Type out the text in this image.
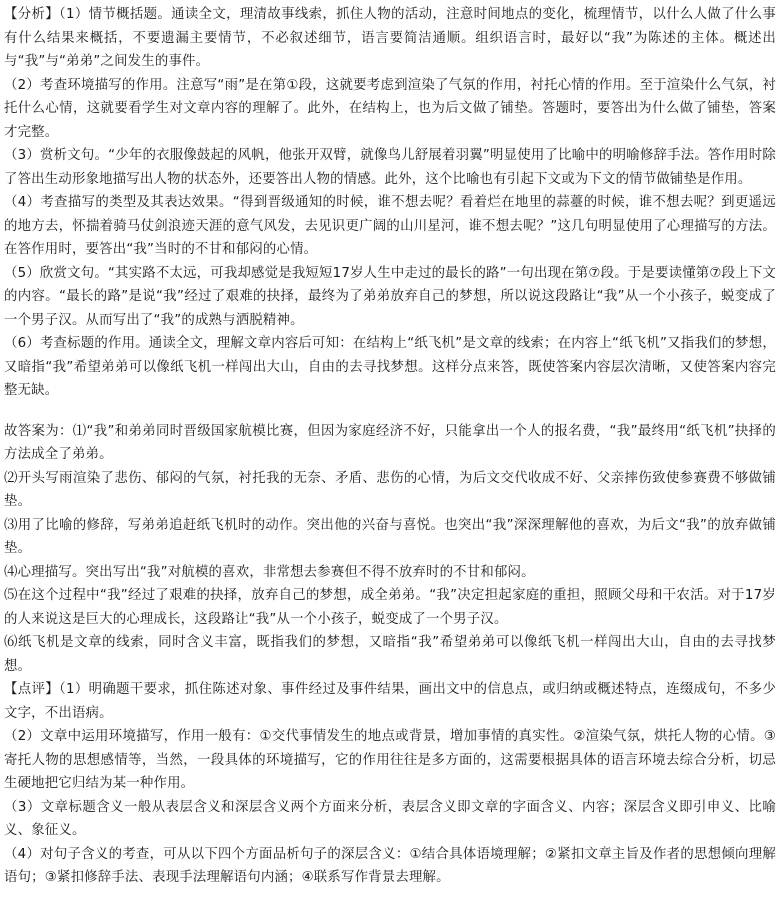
【分析】（1）情节概括题。通读全文，理清故事线索，抓住人物的活动，注意时间地点的变化，梳理情节，以什么人做了什么事有什么结果来概括，不要遗漏主要情节，不必叙述细节，语言要简洁通顺。组织语言时，最好以“我”为陈述的主体。概述出与“我”与“弟弟”之间发生的事件。

（2）考查环境描写的作用。注意写“雨”是在第①段，这就要考虑到渲染了气氛的作用，衬托心情的作用。至于渲染什么气氛，衬托什么心情，这就要看学生对文章内容的理解了。此外，在结构上，也为后文做了铺垫。答题时，要答出为什么做了铺垫，答案才完整。

（3）赏析文句。“少年的衣服像鼓起的风帆，他张开双臂，就像鸟儿舒展着羽翼”明显使用了比喻中的明喻修辞手法。答作用时除了答出生动形象地描写出人物的状态外，还要答出人物的情感。此外，这个比喻也有引起下文或为下文的情节做铺垫是作用。

（4）考查描写的类型及其表达效果。“得到晋级通知的时候，谁不想去呢？看着烂在地里的蒜薹的时候，谁不想去呢？到更遥远的地方去，怀揣着骑马仗剑浪迹天涯的意气风发，去见识更广阔的山川星河，谁不想去呢？”这几句明显使用了心理描写的方法。在答作用时，要答出“我”当时的不甘和郁闷的心情。

（5）欣赏文句。“其实路不太远，可我却感觉是我短短17岁人生中走过的最长的路”一句出现在第⑦段。于是要读懂第⑦段上下文的内容。“最长的路”是说“我”经过了艰难的抉择，最终为了弟弟放弃自己的梦想，所以说这段路让“我”从一个小孩子，蜕变成了一个男子汉。从而写出了“我”的成熟与洒脱精神。

（6）考查标题的作用。通读全文，理解文章内容后可知：在结构上“纸飞机”是文章的线索；在内容上“纸飞机”又指我们的梦想，又暗指“我”希望弟弟可以像纸飞机一样闯出大山，自由的去寻找梦想。这样分点来答，既使答案内容层次清晰，又使答案内容完整无缺。

故答案为：⑴“我”和弟弟同时晋级国家航模比赛，但因为家庭经济不好，只能拿出一个人的报名费，“我”最终用“纸飞机”抉择的方法成全了弟弟。

⑵开头写雨渲染了悲伤、郁闷的气氛，衬托我的无奈、矛盾、悲伤的心情，为后文交代收成不好、父亲摔伤致使参赛费不够做铺垫。

⑶用了比喻的修辞，写弟弟追赶纸飞机时的动作。突出他的兴奋与喜悦。也突出“我”深深理解他的喜欢，为后文“我”的放弃做铺垫。

⑷心理描写。突出写出“我”对航模的喜欢，非常想去参赛但不得不放弃时的不甘和郁闷。

⑸在这个过程中“我”经过了艰难的抉择，放弃自己的梦想，成全弟弟。“我”决定担起家庭的重担，照顾父母和干农活。对于17岁的人来说这是巨大的心理成长，这段路让“我”从一个小孩子，蜕变成了一个男子汉。

⑹纸飞机是文章的线索，同时含义丰富，既指我们的梦想，又暗指“我”希望弟弟可以像纸飞机一样闯出大山，自由的去寻找梦想。

【点评】（1）明确题干要求，抓住陈述对象、事件经过及事件结果，画出文中的信息点，或归纳或概述特点，连缀成句，不多少文字，不出语病。

（2）文章中运用环境描写，作用一般有：①交代事情发生的地点或背景，增加事情的真实性。②渲染气氛，烘托人物的心情。③寄托人物的思想感情等，当然，一段具体的环境描写，它的作用往往是多方面的，这需要根据具体的语言环境去综合分析，切忌生硬地把它归结为某一种作用。

（3）文章标题含义一般从表层含义和深层含义两个方面来分析，表层含义即文章的字面含义、内容；深层含义即引申义、比喻义、象征义。

（4）对句子含义的考查，可从以下四个方面品析句子的深层含义：①结合具体语境理解；②紧扣文章主旨及作者的思想倾向理解语句；③紧扣修辞手法、表现手法理解语句内涵；④联系写作背景去理解。
